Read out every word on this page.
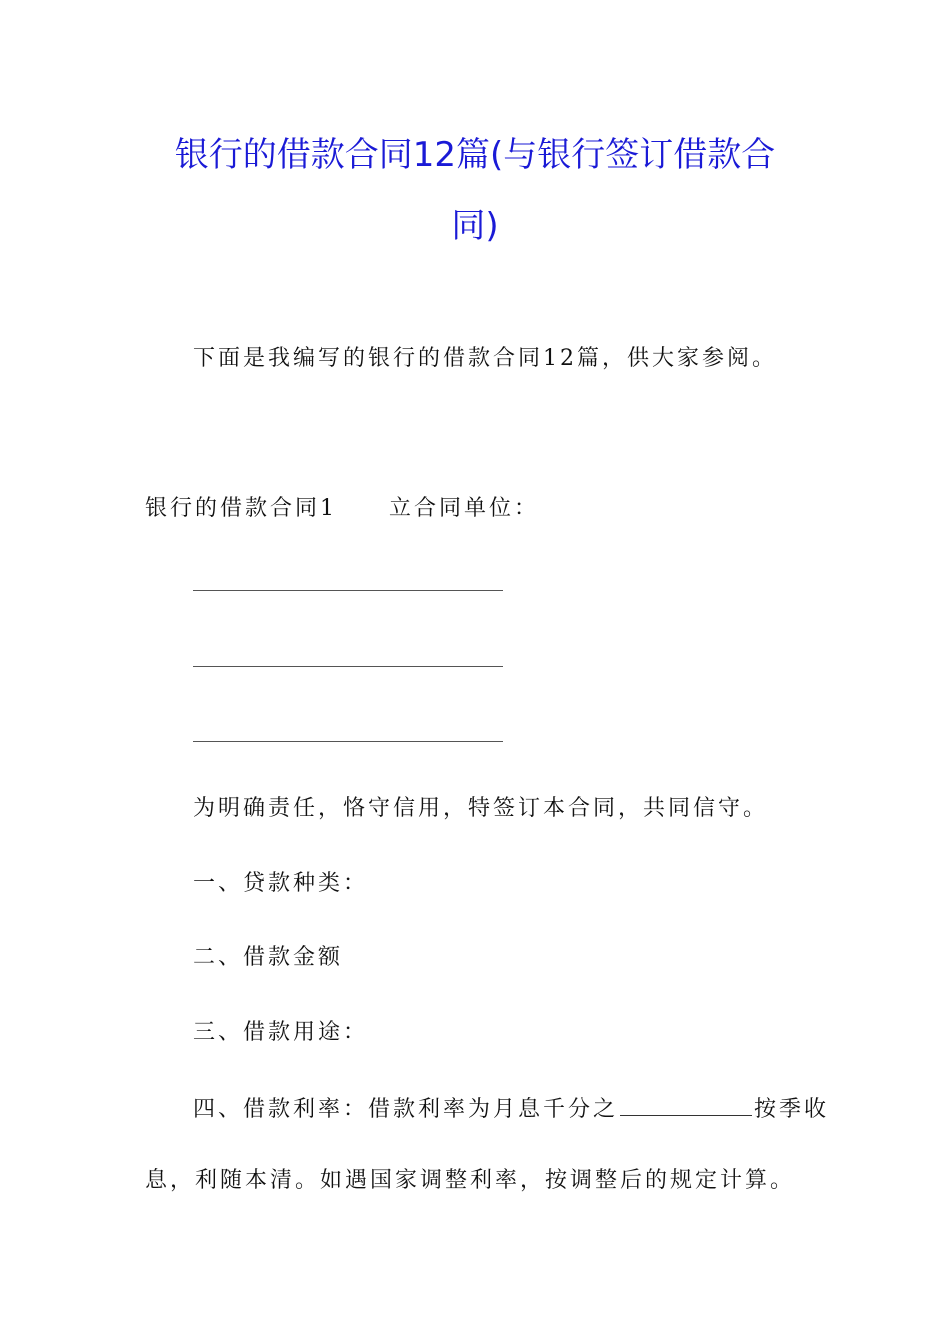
银行的借款合同12篇(与银行签订借款合
同)
下面是我编写的银行的借款合同12篇，供大家参阅。
银行的借款合同1 立合同单位：
为明确责任，恪守信用，特签订本合同，共同信守。
一、贷款种类：
二、借款金额
三、借款用途：
四、借款利率：借款利率为月息千分之	按季收
息，利随本清。如遇国家调整利率，按调整后的规定计算。
